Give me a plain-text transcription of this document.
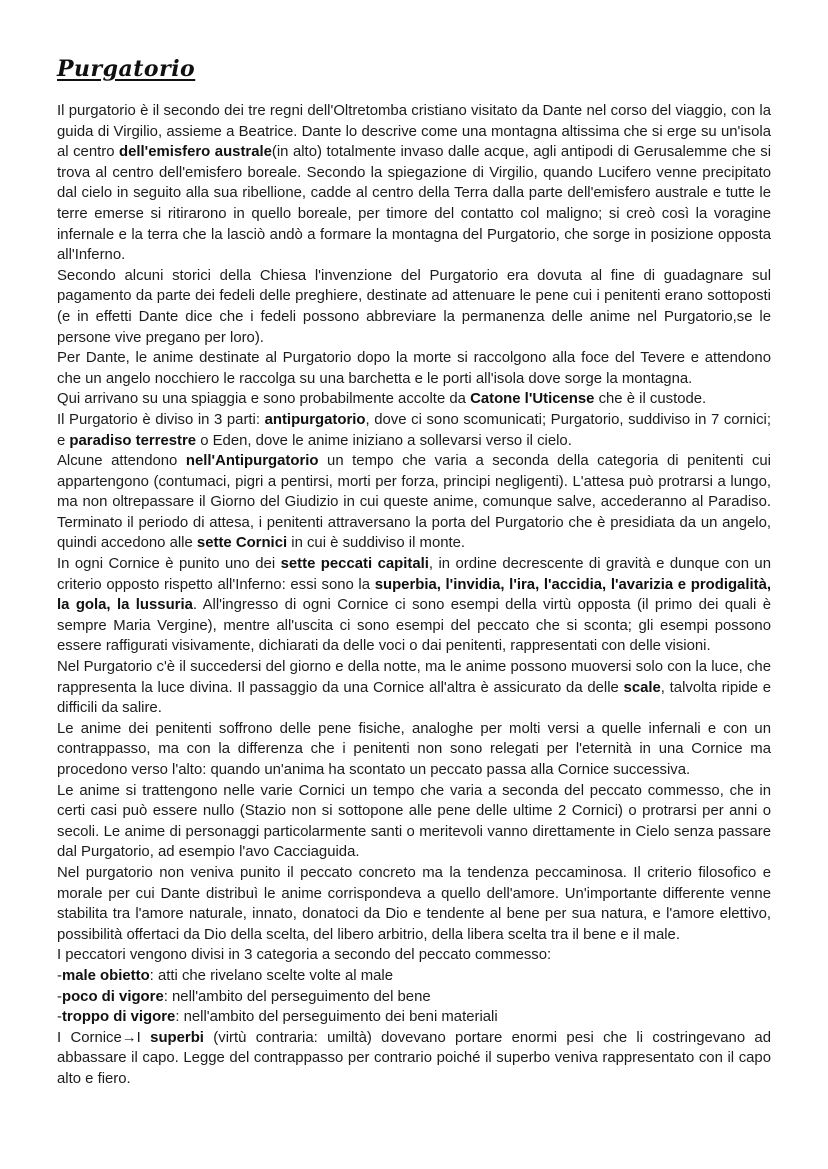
Purgatorio

Il purgatorio è il secondo dei tre regni dell'Oltretomba cristiano visitato da Dante nel corso del viaggio, con la guida di Virgilio, assieme a Beatrice. Dante lo descrive come una montagna altissima che si erge su un'isola al centro dell'emisfero australe(in alto) totalmente invaso dalle acque, agli antipodi di Gerusalemme che si trova al centro dell'emisfero boreale. Secondo la spiegazione di Virgilio, quando Lucifero venne precipitato dal cielo in seguito alla sua ribellione, cadde al centro della Terra dalla parte dell'emisfero australe e tutte le terre emerse si ritirarono in quello boreale, per timore del contatto col maligno; si creò così la voragine infernale e la terra che la lasciò andò a formare la montagna del Purgatorio, che sorge in posizione opposta all'Inferno.

Secondo alcuni storici della Chiesa l'invenzione del Purgatorio era dovuta al fine di guadagnare sul pagamento da parte dei fedeli delle preghiere, destinate ad attenuare le pene cui i penitenti erano sottoposti (e in effetti Dante dice che i fedeli possono abbreviare la permanenza delle anime nel Purgatorio,se le persone vive pregano per loro).

Per Dante, le anime destinate al Purgatorio dopo la morte si raccolgono alla foce del Tevere e attendono che un angelo nocchiero le raccolga su una barchetta e le porti all'isola dove sorge la montagna.

Qui arrivano su una spiaggia e sono probabilmente accolte da Catone l'Uticense che è il custode.

Il Purgatorio è diviso in 3 parti: antipurgatorio, dove ci sono scomunicati; Purgatorio, suddiviso in 7 cornici; e paradiso terrestre o Eden, dove le anime iniziano a sollevarsi verso il cielo.

Alcune attendono nell'Antipurgatorio un tempo che varia a seconda della categoria di penitenti cui appartengono (contumaci, pigri a pentirsi, morti per forza, principi negligenti). L'attesa può protrarsi a lungo, ma non oltrepassare il Giorno del Giudizio in cui queste anime, comunque salve, accederanno al Paradiso. Terminato il periodo di attesa, i penitenti attraversano la porta del Purgatorio che è presidiata da un angelo, quindi accedono alle sette Cornici in cui è suddiviso il monte.

In ogni Cornice è punito uno dei sette peccati capitali, in ordine decrescente di gravità e dunque con un criterio opposto rispetto all'Inferno: essi sono la superbia, l'invidia, l'ira, l'accidia, l'avarizia e prodigalità, la gola, la lussuria. All'ingresso di ogni Cornice ci sono esempi della virtù opposta (il primo dei quali è sempre Maria Vergine), mentre all'uscita ci sono esempi del peccato che si sconta; gli esempi possono essere raffigurati visivamente, dichiarati da delle voci o dai penitenti, rappresentati con delle visioni.

Nel Purgatorio c'è il succedersi del giorno e della notte, ma le anime possono muoversi solo con la luce, che rappresenta la luce divina. Il passaggio da una Cornice all'altra è assicurato da delle scale, talvolta ripide e difficili da salire.

Le anime dei penitenti soffrono delle pene fisiche, analoghe per molti versi a quelle infernali e con un contrappasso, ma con la differenza che i penitenti non sono relegati per l'eternità in una Cornice ma procedono verso l'alto: quando un'anima ha scontato un peccato passa alla Cornice successiva.

Le anime si trattengono nelle varie Cornici un tempo che varia a seconda del peccato commesso, che in certi casi può essere nullo (Stazio non si sottopone alle pene delle ultime 2 Cornici) o protrarsi per anni o secoli. Le anime di personaggi particolarmente santi o meritevoli vanno direttamente in Cielo senza passare dal Purgatorio, ad esempio l'avo Cacciaguida.

Nel purgatorio non veniva punito il peccato concreto ma la tendenza peccaminosa. Il criterio filosofico e morale per cui Dante distribuì le anime corrispondeva a quello dell'amore. Un'importante differente venne stabilita tra l'amore naturale, innato, donatoci da Dio e tendente al bene per sua natura, e l'amore elettivo, possibilità offertaci da Dio della scelta, del libero arbitrio, della libera scelta tra il bene e il male.

I peccatori vengono divisi in 3 categoria a secondo del peccato commesso:

-male obietto: atti che rivelano scelte volte al male

-poco di vigore: nell'ambito del perseguimento del bene

-troppo di vigore: nell'ambito del perseguimento dei beni materiali

I Cornice→I superbi (virtù contraria: umiltà) dovevano portare enormi pesi che li costringevano ad abbassare il capo. Legge del contrappasso per contrario poiché il superbo veniva rappresentato con il capo alto e fiero.
